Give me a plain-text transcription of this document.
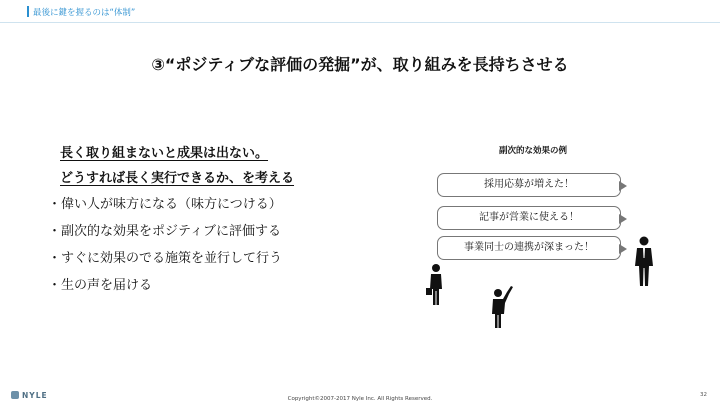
最後に鍵を握るのは“体制”
③“ポジティブな評価の発掘”が、取り組みを長持ちさせる
長く取り組まないと成果は出ない。
どうすれば長く実行できるか、を考える
・偉い人が味方になる（味方につける）
・副次的な効果をポジティブに評価する
・すぐに効果のでる施策を並行して行う
・生の声を届ける
副次的な効果の例
採用応募が増えた！
記事が営業に使える！
事業同士の連携が深まった！
NYLE	Copyright©2007-2017 Nyle Inc. All Rights Reserved.
32
